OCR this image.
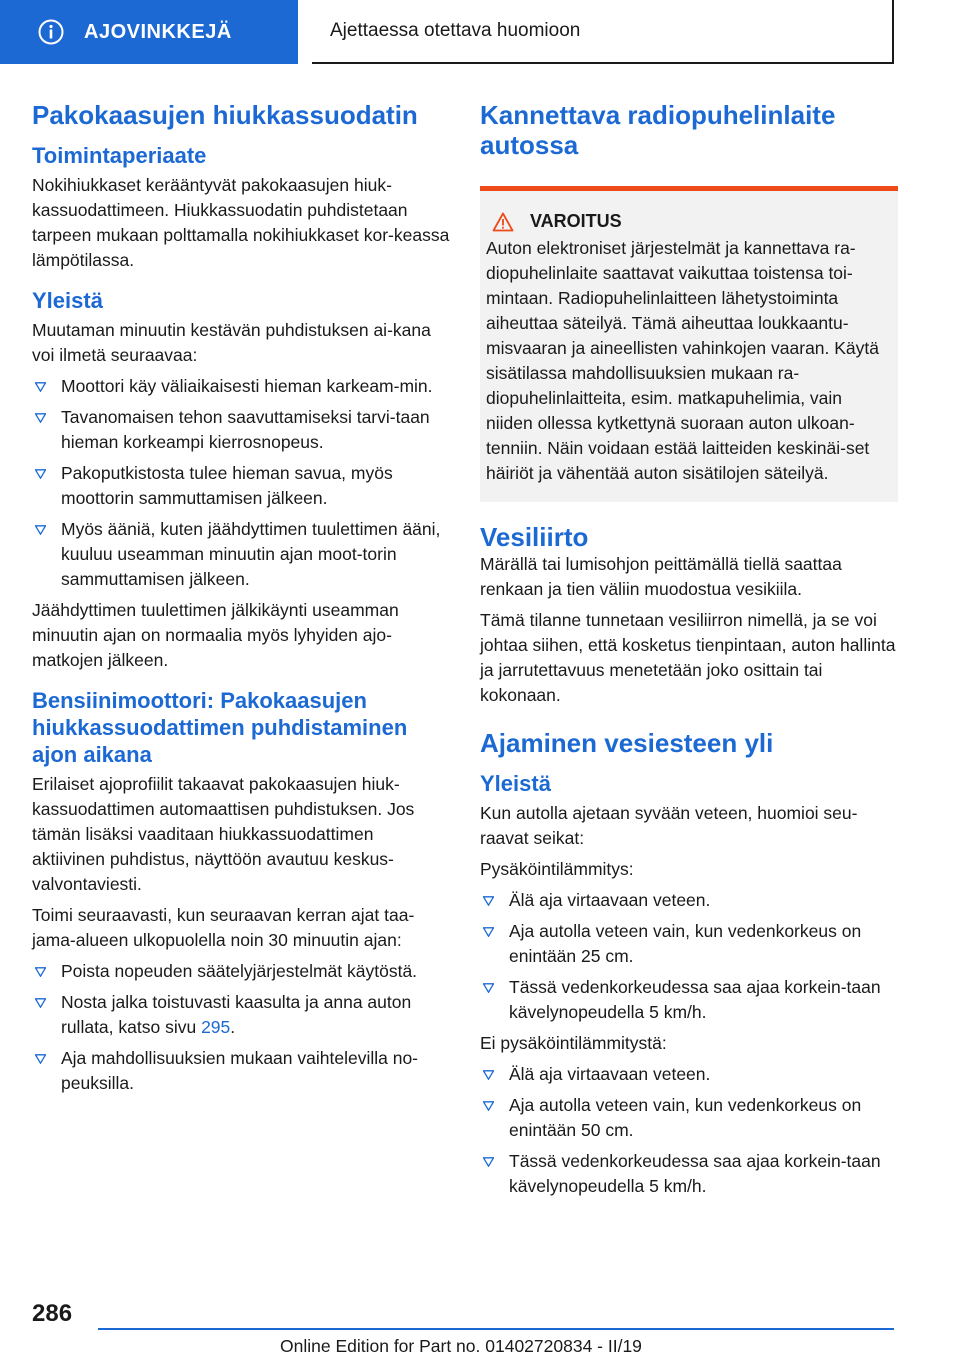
AJOVINKKEJÄ	Ajettaessa otettava huomioon
Pakokaasujen hiukkassuodatin
Toimintaperiaate
Nokihiukkaset kerääntyvät pakokaasujen hiuk-kassuodattimeen. Hiukkassuodatin puhdistetaan tarpeen mukaan polttamalla nokihiukkaset kor-keassa lämpötilassa.
Yleistä
Muutaman minuutin kestävän puhdistuksen ai-kana voi ilmetä seuraavaa:
Moottori käy väliaikaisesti hieman karkeam-min.
Tavanomaisen tehon saavuttamiseksi tarvi-taan hieman korkeampi kierrosnopeus.
Pakoputkistosta tulee hieman savua, myös moottorin sammuttamisen jälkeen.
Myös ääniä, kuten jäähdyttimen tuulettimen ääni, kuuluu useamman minuutin ajan moot-torin sammuttamisen jälkeen.
Jäähdyttimen tuulettimen jälkikäynti useamman minuutin ajan on normaalia myös lyhyiden ajo-matkojen jälkeen.
Bensiinimoottori: Pakokaasujen hiukkassuodattimen puhdistaminen ajon aikana
Erilaiset ajoprofiilit takaavat pakokaasujen hiuk-kassuodattimen automaattisen puhdistuksen. Jos tämän lisäksi vaaditaan hiukkassuodattimen aktiivinen puhdistus, näyttöön avautuu keskus-valvontaviesti.
Toimi seuraavasti, kun seuraavan kerran ajat taa-jama-alueen ulkopuolella noin 30 minuutin ajan:
Poista nopeuden säätelyjärjestelmät käytöstä.
Nosta jalka toistuvasti kaasulta ja anna auton rullata, katso sivu 295.
Aja mahdollisuuksien mukaan vaihtelevilla no-peuksilla.
Kannettava radiopuhelinlaite autossa
VAROITUS
Auton elektroniset järjestelmät ja kannettava ra-diopuhelinlaite saattavat vaikuttaa toistensa toi-mintaan. Radiopuhelinlaitteen lähetystoiminta aiheuttaa säteilyä. Tämä aiheuttaa loukkaantu-misvaaran ja aineellisten vahinkojen vaaran. Käytä sisätilassa mahdollisuuksien mukaan ra-diopuhelinlaitteita, esim. matkapuhelimia, vain niiden ollessa kytkettynä suoraan auton ulkoan-tenniin. Näin voidaan estää laitteiden keskinäi-set häiriöt ja vähentää auton sisätilojen säteilyä.
Vesiliirto
Märällä tai lumisohjon peittämällä tiellä saattaa renkaan ja tien väliin muodostua vesikiila.
Tämä tilanne tunnetaan vesiliirron nimellä, ja se voi johtaa siihen, että kosketus tienpintaan, auton hallinta ja jarrutettavuus menetetään joko osittain tai kokonaan.
Ajaminen vesiesteen yli
Yleistä
Kun autolla ajetaan syvään veteen, huomioi seu-raavat seikat:
Pysäköintilämmitys:
Älä aja virtaavaan veteen.
Aja autolla veteen vain, kun vedenkorkeus on enintään 25 cm.
Tässä vedenkorkeudessa saa ajaa korkein-taan kävelynopeudella 5 km/h.
Ei pysäköintilämmitystä:
Älä aja virtaavaan veteen.
Aja autolla veteen vain, kun vedenkorkeus on enintään 50 cm.
Tässä vedenkorkeudessa saa ajaa korkein-taan kävelynopeudella 5 km/h.
286
Online Edition for Part no. 01402720834 - II/19
